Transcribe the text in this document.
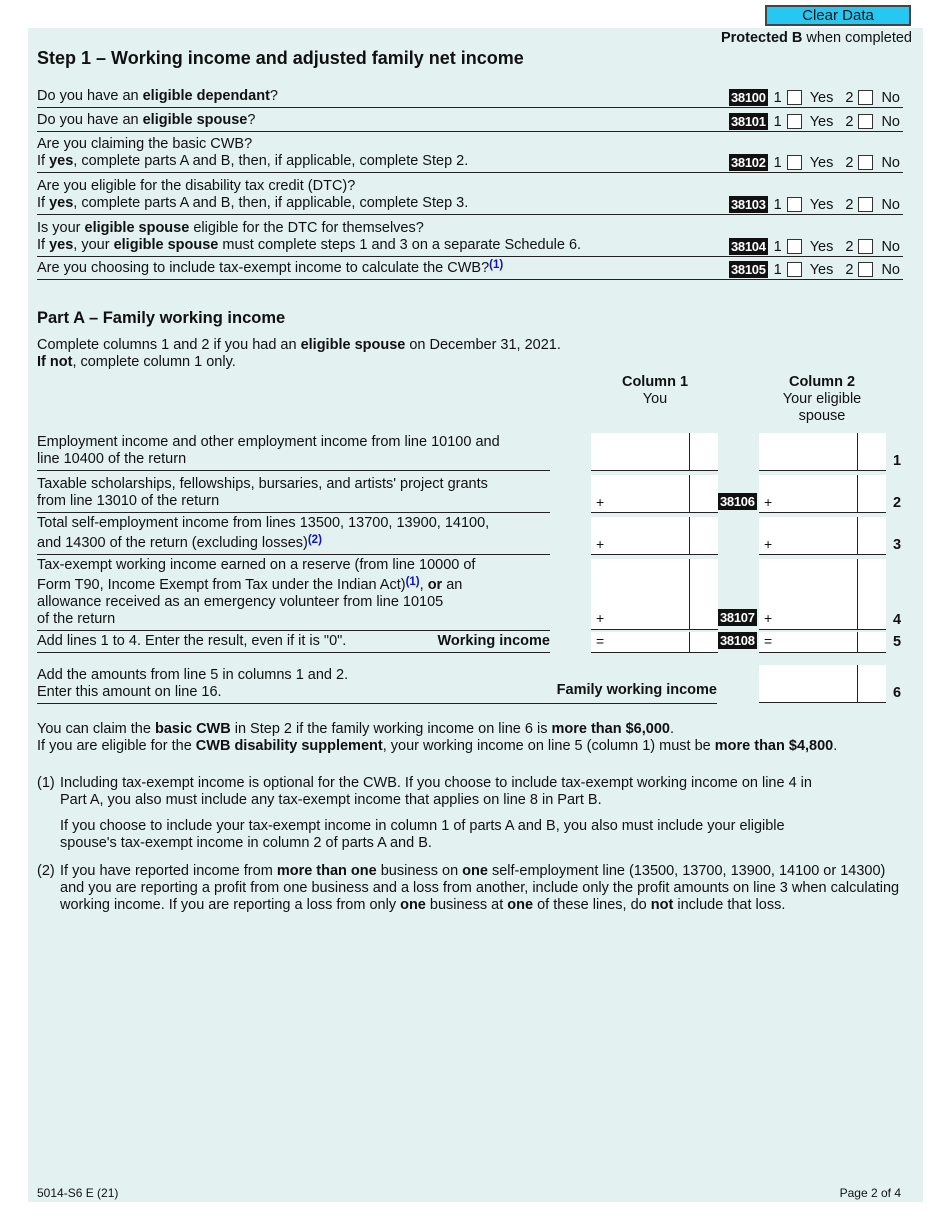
Clear Data
Protected B when completed
Step 1 – Working income and adjusted family net income
Do you have an eligible dependant?	38100 1 Yes 2 No
Do you have an eligible spouse?	38101 1 Yes 2 No
Are you claiming the basic CWB?
If yes, complete parts A and B, then, if applicable, complete Step 2.	38102 1 Yes 2 No
Are you eligible for the disability tax credit (DTC)?
If yes, complete parts A and B, then, if applicable, complete Step 3.	38103 1 Yes 2 No
Is your eligible spouse eligible for the DTC for themselves?
If yes, your eligible spouse must complete steps 1 and 3 on a separate Schedule 6.	38104 1 Yes 2 No
Are you choosing to include tax-exempt income to calculate the CWB?$^{(1)}$	38105 1 Yes 2 No
Part A – Family working income
Complete columns 1 and 2 if you had an eligible spouse on December 31, 2021.
If not, complete column 1 only.
Column 1
You
Column 2
Your eligible
spouse
Employment income and other employment income from line 10100 and
line 10400 of the return	1
Taxable scholarships, fellowships, bursaries, and artists' project grants
from line 13010 of the return	+	38106 +	2
Total self-employment income from lines 13500, 13700, 13900, 14100,
and 14300 of the return (excluding losses)$^{(2)}$	+	+	3
Tax-exempt working income earned on a reserve (from line 10000 of
Form T90, Income Exempt from Tax under the Indian Act)$^{(1)}$, or an
allowance received as an emergency volunteer from line 10105
of the return	+	38107 +	4
Add lines 1 to 4. Enter the result, even if it is "0".	Working income	=	38108 =	5
Add the amounts from line 5 in columns 1 and 2.
Enter this amount on line 16.	Family working income	6
You can claim the basic CWB in Step 2 if the family working income on line 6 is more than $6,000.
If you are eligible for the CWB disability supplement, your working income on line 5 (column 1) must be more than $4,800.
(1) Including tax-exempt income is optional for the CWB. If you choose to include tax-exempt working income on line 4 in Part A, you also must include any tax-exempt income that applies on line 8 in Part B.
If you choose to include your tax-exempt income in column 1 of parts A and B, you also must include your eligible spouse's tax-exempt income in column 2 of parts A and B.
(2) If you have reported income from more than one business on one self-employment line (13500, 13700, 13900, 14100 or 14300) and you are reporting a profit from one business and a loss from another, include only the profit amounts on line 3 when calculating working income. If you are reporting a loss from only one business at one of these lines, do not include that loss.
5014-S6 E (21)	Page 2 of 4
